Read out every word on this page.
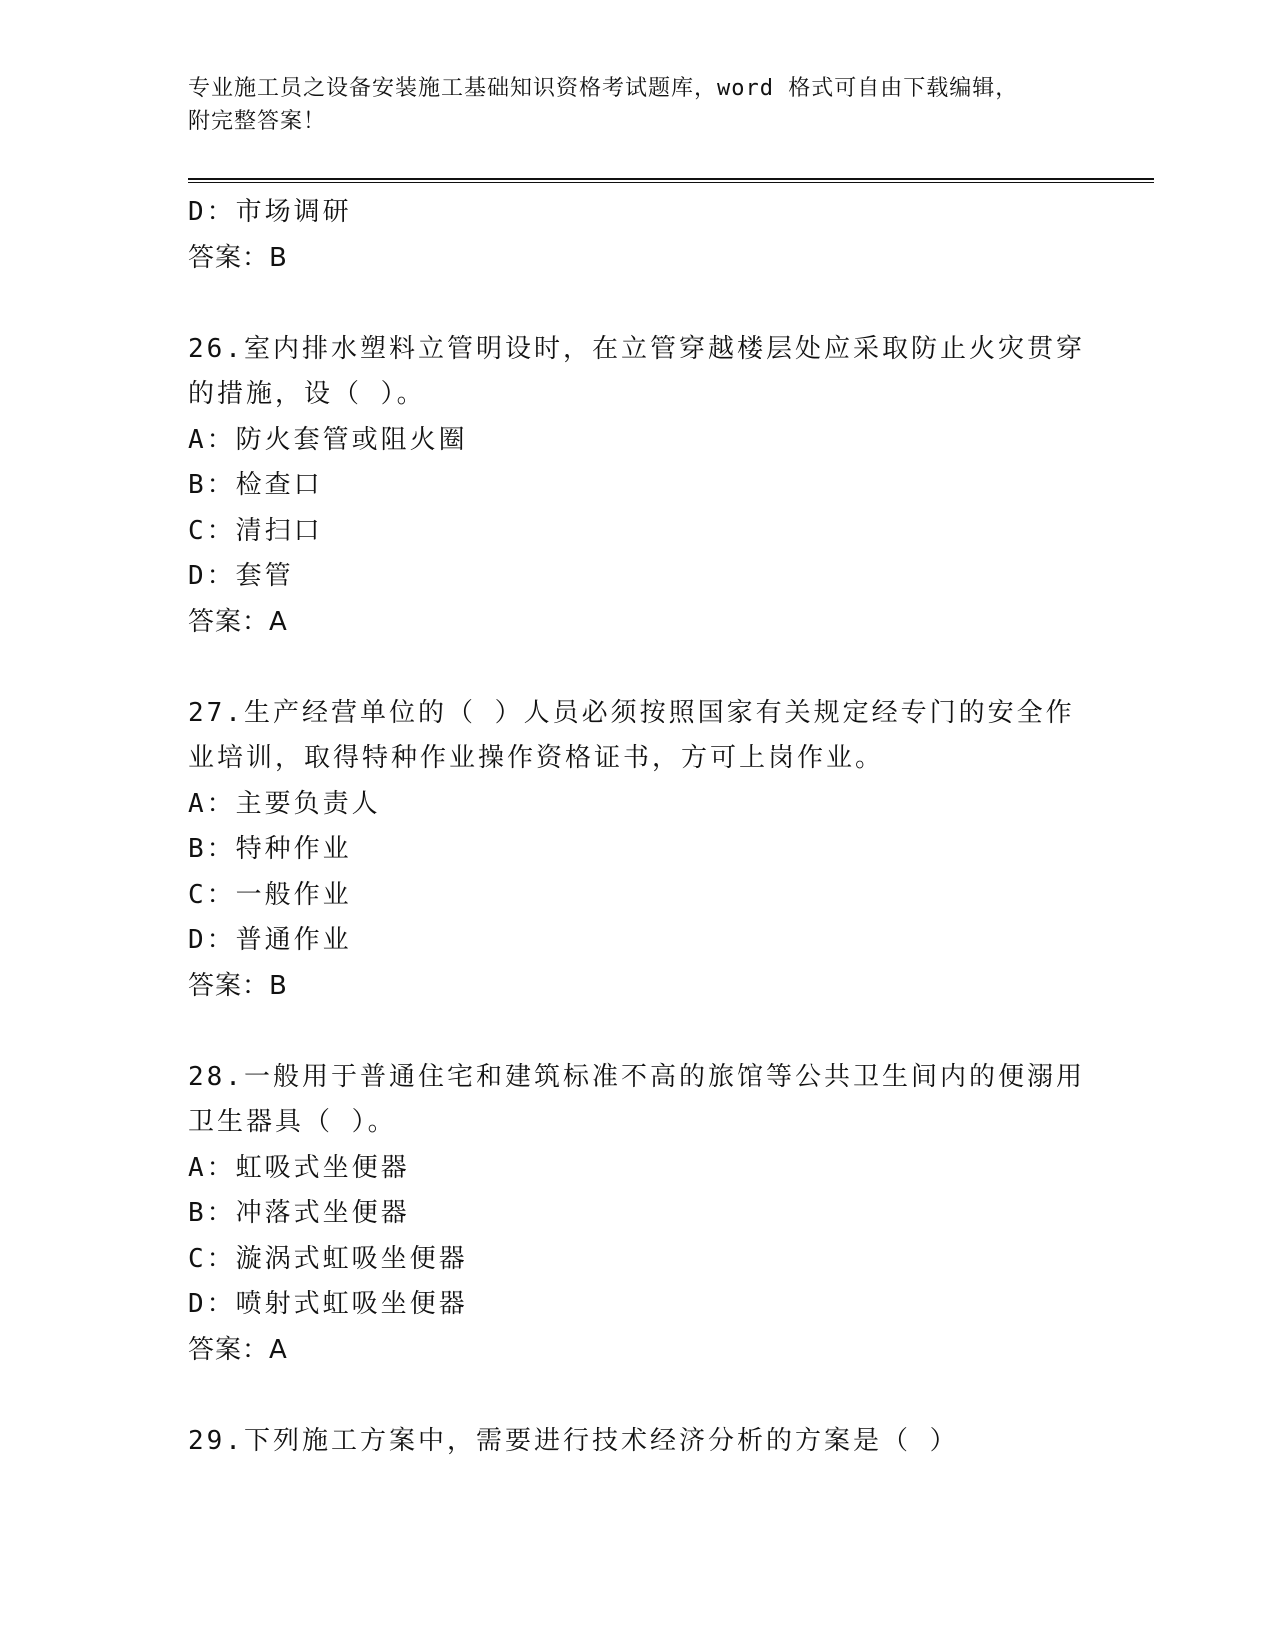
专业施工员之设备安装施工基础知识资格考试题库，word 格式可自由下载编辑，
附完整答案！
D：市场调研
答案：B
26.室内排水塑料立管明设时，在立管穿越楼层处应采取防止火灾贯穿
的措施，设（ ）。
A：防火套管或阻火圈
B：检查口
C：清扫口
D：套管
答案：A
27.生产经营单位的（ ）人员必须按照国家有关规定经专门的安全作
业培训，取得特种作业操作资格证书，方可上岗作业。
A：主要负责人
B：特种作业
C：一般作业
D：普通作业
答案：B
28.一般用于普通住宅和建筑标准不高的旅馆等公共卫生间内的便溺用
卫生器具（ ）。
A：虹吸式坐便器
B：冲落式坐便器
C：漩涡式虹吸坐便器
D：喷射式虹吸坐便器
答案：A
29.下列施工方案中，需要进行技术经济分析的方案是（ ）
